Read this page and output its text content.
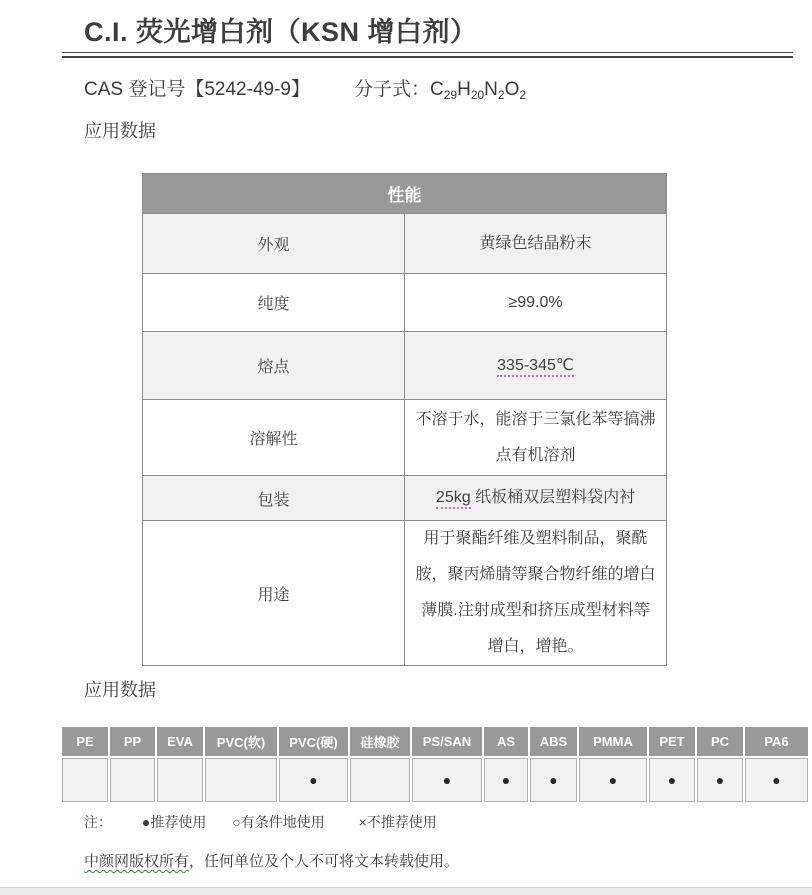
C.I. 荧光增白剂（KSN 增白剂）
CAS 登记号【5242-49-9】 分子式：$C_{29}H_{20}N_2O_2$
应用数据
性能	
外观	黄绿色结晶粉末
纯度	≥99.0%
熔点	335-345℃
溶解性	不溶于水，能溶于三氯化苯等搞沸点有机溶剂
包装	25kg 纸板桶双层塑料袋内衬
用途	用于聚酯纤维及塑料制品，聚酰胺，聚丙烯腈等聚合物纤维的增白薄膜.注射成型和挤压成型材料等增白，增艳。
应用数据
PE	PP	EVA	PVC(软)	PVC(硬)	硅橡胶	PS/SAN	AS	ABS	PMMA	PET	PC	PA6
				●		●	●	●	●	●	●	●
注： ●推荐使用 ○有条件地使用 ×不推荐使用
中颜网版权所有，任何单位及个人不可将文本转载使用。
